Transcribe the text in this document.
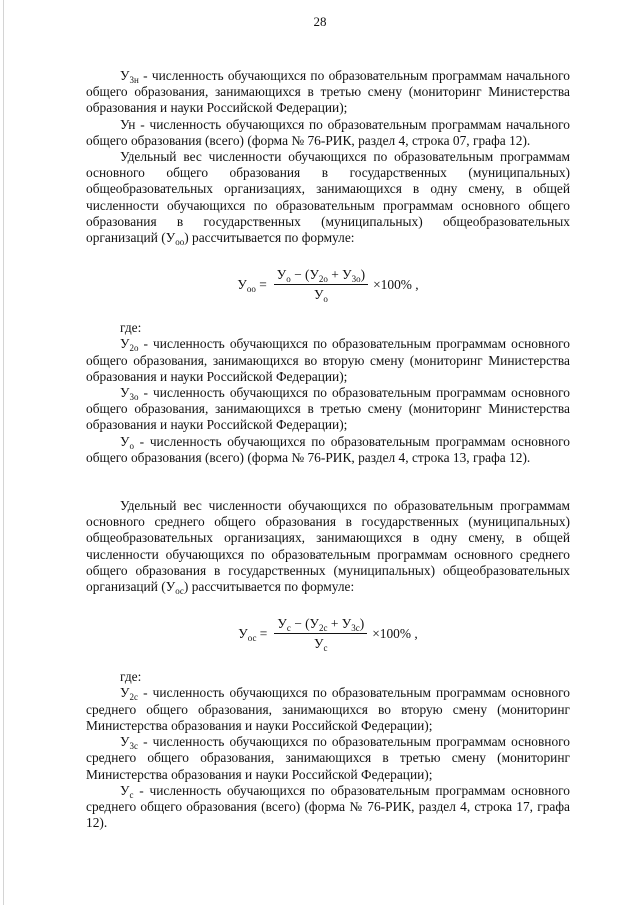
28

$У_{3н}$ - численность обучающихся по образовательным программам начального общего образования, занимающихся в третью смену (мониторинг Министерства образования и науки Российской Федерации);

Ун - численность обучающихся по образовательным программам начального общего образования (всего) (форма № 76-РИК, раздел 4, строка 07, графа 12).

Удельный вес численности обучающихся по образовательным программам основного общего образования в государственных (муниципальных) общеобразовательных организациях, занимающихся в одну смену, в общей численности обучающихся по образовательным программам основного общего образования в государственных (муниципальных) общеобразовательных организаций $(У_{оо})$ рассчитывается по формуле:

$У_{оо} = \frac{У_о - (У_{2о} + У_{3о})}{У_о} \times 100\%$ ,

где:

$У_{2о}$ - численность обучающихся по образовательным программам основного общего образования, занимающихся во вторую смену (мониторинг Министерства образования и науки Российской Федерации);

$У_{3о}$ - численность обучающихся по образовательным программам основного общего образования, занимающихся в третью смену (мониторинг Министерства образования и науки Российской Федерации);

$У_о$ - численность обучающихся по образовательным программам основного общего образования (всего) (форма № 76-РИК, раздел 4, строка 13, графа 12).

Удельный вес численности обучающихся по образовательным программам основного среднего общего образования в государственных (муниципальных) общеобразовательных организациях, занимающихся в одну смену, в общей численности обучающихся по образовательным программам основного среднего общего образования в государственных (муниципальных) общеобразовательных организаций $(У_{ос})$ рассчитывается по формуле:

$У_{ос} = \frac{У_с - (У_{2с} + У_{3с})}{У_с} \times 100\%$ ,

где:

$У_{2с}$ - численность обучающихся по образовательным программам основного среднего общего образования, занимающихся во вторую смену (мониторинг Министерства образования и науки Российской Федерации);

$У_{3с}$ - численность обучающихся по образовательным программам основного среднего общего образования, занимающихся в третью смену (мониторинг Министерства образования и науки Российской Федерации);

$У_с$ - численность обучающихся по образовательным программам основного среднего общего образования (всего) (форма № 76-РИК, раздел 4, строка 17, графа 12).
